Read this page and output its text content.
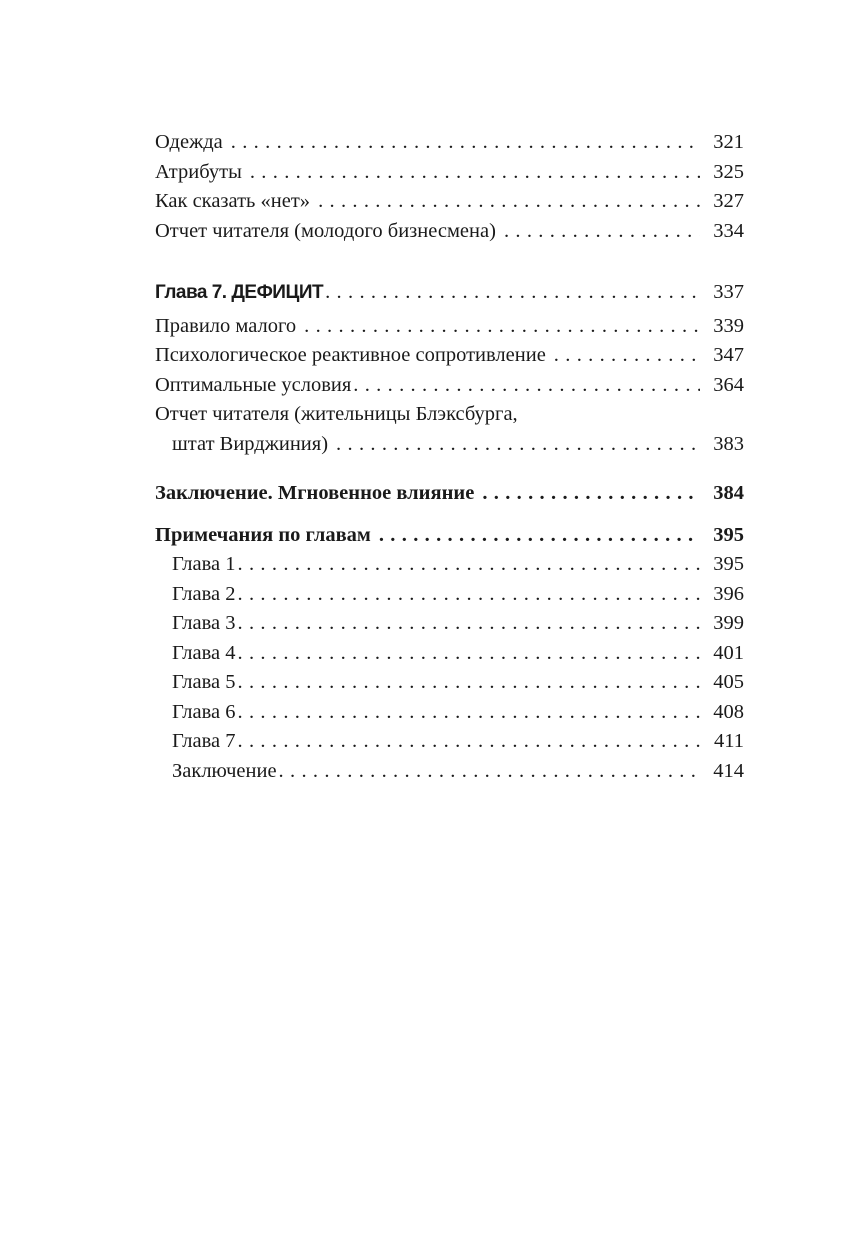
Одежда . . .	321
Атрибуты . . .	325
Как сказать «нет» . . .	327
Отчет читателя (молодого бизнесмена) . . .	334
Глава 7. ДЕФИЦИТ . . .	337
Правило малого . . .	339
Психологическое реактивное сопротивление . . .	347
Оптимальные условия . . .	364
Отчет читателя (жительницы Блэксбурга,
штат Вирджиния) . . .	383
Заключение. Мгновенное влияние . . .	384
Примечания по главам . . .	395
Глава 1 . . .	395
Глава 2 . . .	396
Глава 3 . . .	399
Глава 4 . . .	401
Глава 5 . . .	405
Глава 6 . . .	408
Глава 7 . . .	411
Заключение . . .	414
